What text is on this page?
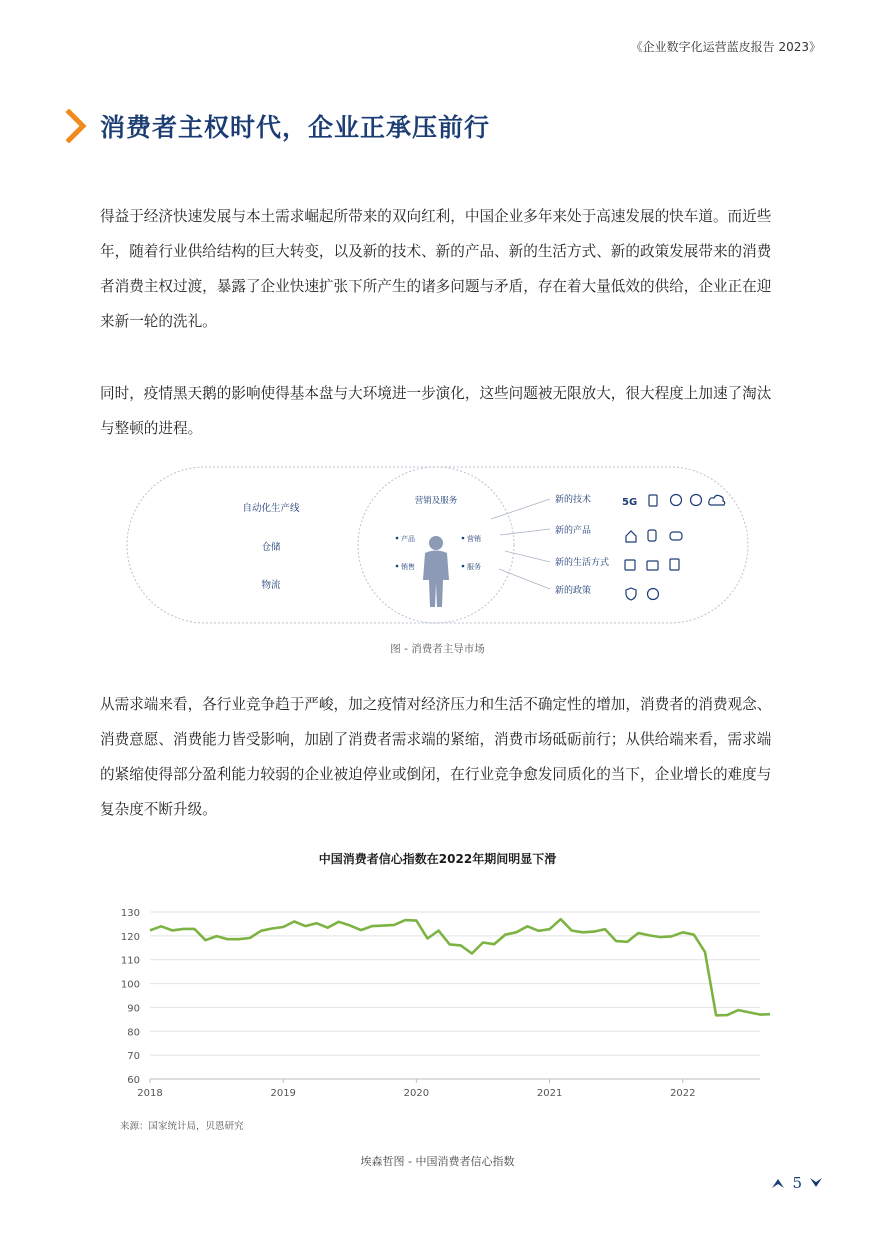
《企业数字化运营蓝皮报告 2023》
消费者主权时代，企业正承压前行

得益于经济快速发展与本土需求崛起所带来的双向红利，中国企业多年来处于高速发展的快车道。而近些年，随着行业供给结构的巨大转变，以及新的技术、新的产品、新的生活方式、新的政策发展带来的消费者消费主权过渡，暴露了企业快速扩张下所产生的诸多问题与矛盾，存在着大量低效的供给，企业正在迎来新一轮的洗礼。

同时，疫情黑天鹅的影响使得基本盘与大环境进一步演化，这些问题被无限放大，很大程度上加速了淘汰与整顿的进程。

自动化生产线
仓储
物流
营销及服务
产品	营销
销售	服务
新的技术
新的产品
新的生活方式
新的政策
5G
图 - 消费者主导市场

从需求端来看，各行业竞争趋于严峻，加之疫情对经济压力和生活不确定性的增加，消费者的消费观念、消费意愿、消费能力皆受影响，加剧了消费者需求端的紧缩，消费市场砥砺前行；从供给端来看，需求端的紧缩使得部分盈利能力较弱的企业被迫停业或倒闭，在行业竞争愈发同质化的当下，企业增长的难度与复杂度不断升级。

中国消费者信心指数在2022年期间明显下滑
60
70
80
90
100
110
120
130
2018	2019	2020	2021	2022
来源：国家统计局，贝恩研究
埃森哲图 - 中国消费者信心指数
5
